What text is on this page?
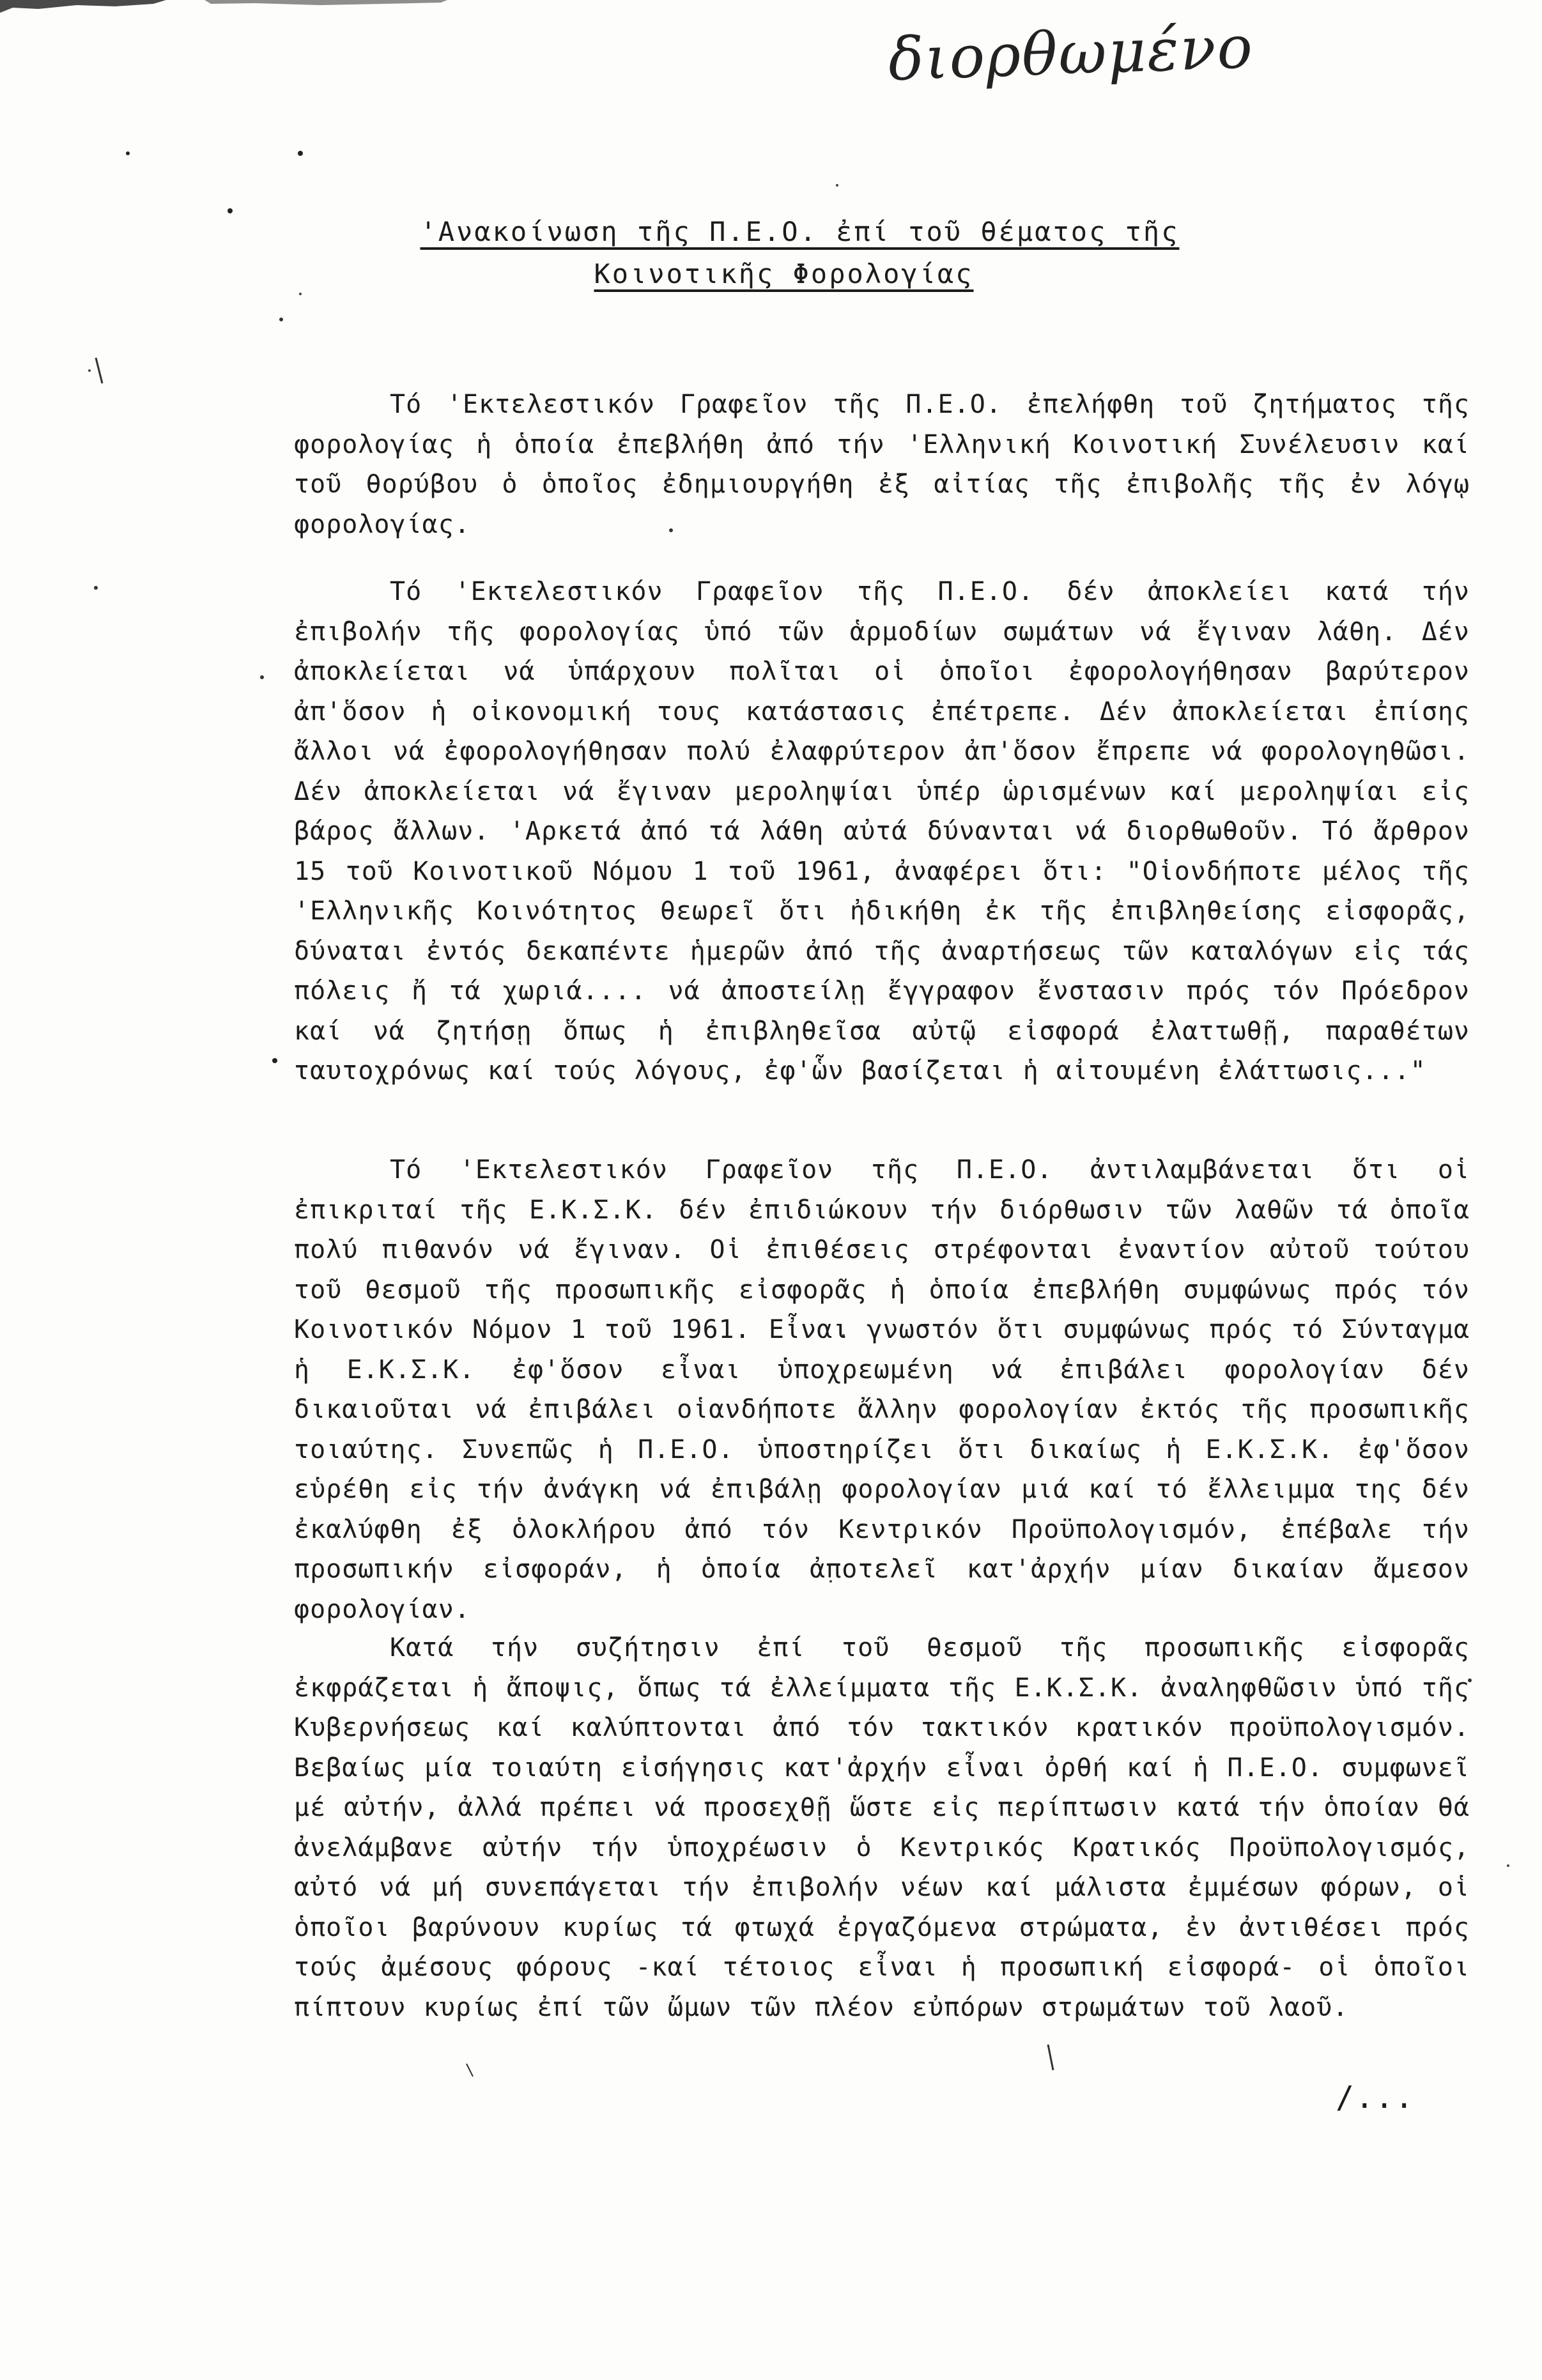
διορθωμένο
'Ανακοίνωση τῆς Π.Ε.Ο. ἐπί τοῦ θέματος τῆς
Κοινοτικῆς Φορολογίας

Τό 'Εκτελεστικόν Γραφεῖον τῆς Π.Ε.Ο. ἐπελήφθη τοῦ ζητήματος τῆς φορολογίας ἡ ὁποία ἐπεβλήθη ἀπό τήν 'Ελληνική Κοινοτική Συνέλευσιν καί τοῦ θορύβου ὁ ὁποῖος ἐδημιουργήθη ἐξ αἰτίας τῆς ἐπιβολῆς τῆς ἐν λόγῳ φορολογίας.

Τό 'Εκτελεστικόν Γραφεῖον τῆς Π.Ε.Ο. δέν ἀποκλείει κατά τήν ἐπιβολήν τῆς φορολογίας ὑπό τῶν ἁρμοδίων σωμάτων νά ἔγιναν λάθη. Δέν ἀποκλείεται νά ὑπάρχουν πολῖται οἱ ὁποῖοι ἐφορολογήθησαν βαρύτερον ἀπ'ὅσον ἡ οἰκονομική τους κατάστασις ἐπέτρεπε. Δέν ἀποκλείεται ἐπίσης ἄλλοι νά ἐφορολογήθησαν πολύ ἐλαφρύτερον ἀπ'ὅσον ἔπρεπε νά φορολογηθῶσι. Δέν ἀποκλείεται νά ἔγιναν μεροληψίαι ὑπέρ ὡρισμένων καί μεροληψίαι εἰς βάρος ἄλλων. 'Αρκετά ἀπό τά λάθη αὐτά δύνανται νά διορθωθοῦν. Τό ἄρθρον 15 τοῦ Κοινοτικοῦ Νόμου 1 τοῦ 1961, ἀναφέρει ὅτι: "Οἱονδήποτε μέλος τῆς 'Ελληνικῆς Κοινότητος θεωρεῖ ὅτι ἠδικήθη ἐκ τῆς ἐπιβληθείσης εἰσφορᾶς, δύναται ἐντός δεκαπέντε ἡμερῶν ἀπό τῆς ἀναρτήσεως τῶν καταλόγων εἰς τάς πόλεις ἤ τά χωριά.... νά ἀποστείλῃ ἔγγραφον ἔνστασιν πρός τόν Πρόεδρον καί νά ζητήσῃ ὅπως ἡ ἐπιβληθεῖσα αὐτῷ εἰσφορά ἐλαττωθῇ, παραθέτων ταυτοχρόνως καί τούς λόγους, ἐφ'ὧν βασίζεται ἡ αἰτουμένη ἐλάττωσις..."

Τό 'Εκτελεστικόν Γραφεῖον τῆς Π.Ε.Ο. ἀντιλαμβάνεται ὅτι οἱ ἐπικριταί τῆς Ε.Κ.Σ.Κ. δέν ἐπιδιώκουν τήν διόρθωσιν τῶν λαθῶν τά ὁποῖα πολύ πιθανόν νά ἔγιναν. Οἱ ἐπιθέσεις στρέφονται ἐναντίον αὐτοῦ τούτου τοῦ θεσμοῦ τῆς προσωπικῆς εἰσφορᾶς ἡ ὁποία ἐπεβλήθη συμφώνως πρός τόν Κοινοτικόν Νόμον 1 τοῦ 1961. Εἶναι γνωστόν ὅτι συμφώνως πρός τό Σύνταγμα ἡ Ε.Κ.Σ.Κ. ἐφ'ὅσον εἶναι ὑποχρεωμένη νά ἐπιβάλει φορολογίαν δέν δικαιοῦται νά ἐπιβάλει οἱανδήποτε ἄλλην φορολογίαν ἐκτός τῆς προσωπικῆς τοιαύτης. Συνεπῶς ἡ Π.Ε.Ο. ὑποστηρίζει ὅτι δικαίως ἡ Ε.Κ.Σ.Κ. ἐφ'ὅσον εὑρέθη εἰς τήν ἀνάγκη νά ἐπιβάλῃ φορολογίαν μιά καί τό ἔλλειμμα της δέν ἐκαλύφθη ἐξ ὁλοκλήρου ἀπό τόν Κεντρικόν Προϋπολογισμόν, ἐπέβαλε τήν προσωπικήν εἰσφοράν, ἡ ὁποία ἀποτελεῖ κατ'ἀρχήν μίαν δικαίαν ἄμεσον φορολογίαν.

Κατά τήν συζήτησιν ἐπί τοῦ θεσμοῦ τῆς προσωπικῆς εἰσφορᾶς ἐκφράζεται ἡ ἄποψις, ὅπως τά ἐλλείμματα τῆς Ε.Κ.Σ.Κ. ἀναληφθῶσιν ὑπό τῆς Κυβερνήσεως καί καλύπτονται ἀπό τόν τακτικόν κρατικόν προϋπολογισμόν. Βεβαίως μία τοιαύτη εἰσήγησις κατ'ἀρχήν εἶναι ὀρθή καί ἡ Π.Ε.Ο. συμφωνεῖ μέ αὐτήν, ἀλλά πρέπει νά προσεχθῇ ὥστε εἰς περίπτωσιν κατά τήν ὁποίαν θά ἀνελάμβανε αὐτήν τήν ὑποχρέωσιν ὁ Κεντρικός Κρατικός Προϋπολογισμός, αὐτό νά μή συνεπάγεται τήν ἐπιβολήν νέων καί μάλιστα ἐμμέσων φόρων, οἱ ὁποῖοι βαρύνουν κυρίως τά φτωχά ἐργαζόμενα στρώματα, ἐν ἀντιθέσει πρός τούς ἀμέσους φόρους -καί τέτοιος εἶναι ἡ προσωπική εἰσφορά- οἱ ὁποῖοι πίπτουν κυρίως ἐπί τῶν ὤμων τῶν πλέον εὐπόρων στρωμάτων τοῦ λαοῦ.

/...
